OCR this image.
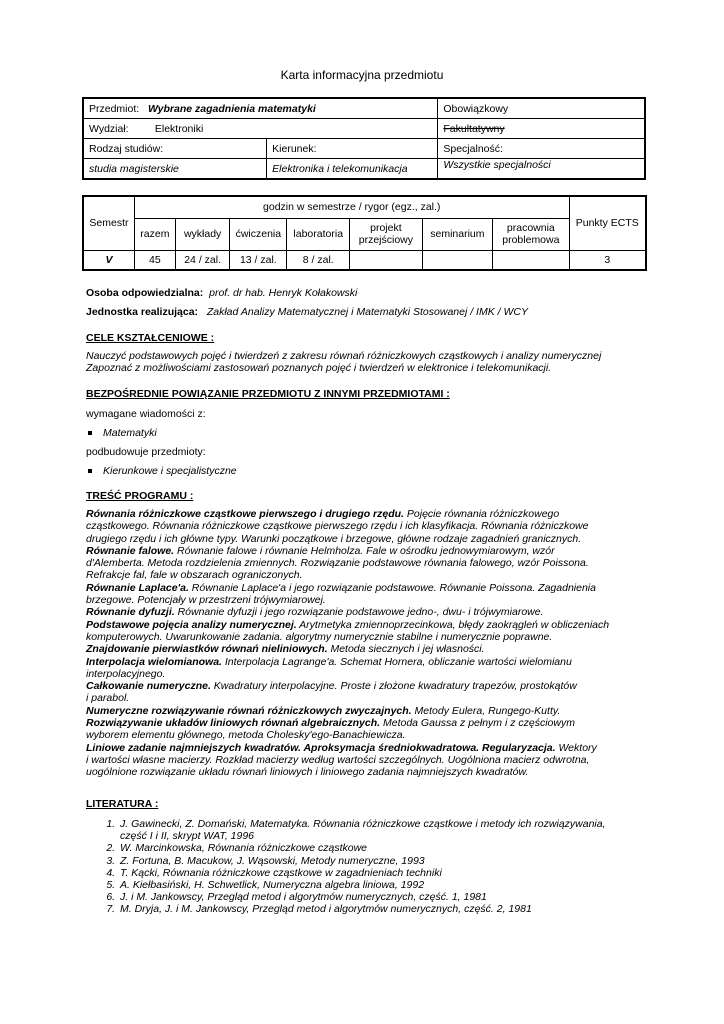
Karta informacyjna przedmiotu
Przedmiot: Wybrane zagadnienia matematyki		Obowiązkowy
Wydział: Elektroniki		Fakultatywny
Rodzaj studiów:	Kierunek:	Specjalność:
studia magisterskie	Elektronika i telekomunikacja	Wszystkie specjalności
Semestr	godzin w semestrze / rygor (egz., zal.)							Punkty ECTS
	razem	wykłady	ćwiczenia	laboratoria	projekt przejściowy	seminarium	pracownia problemowa	
V	45	24 / zal.	13 / zal.	8 / zal.				3
Osoba odpowiedzialna: prof. dr hab. Henryk Kołakowski
Jednostka realizująca: Zakład Analizy Matematycznej i Matematyki Stosowanej / IMK / WCY
CELE KSZTAŁCENIOWE :
Nauczyć podstawowych pojęć i twierdzeń z zakresu równań różniczkowych cząstkowych i analizy numerycznej
Zapoznać z możliwościami zastosowań poznanych pojęć i twierdzeń w elektronice i telekomunikacji.
BEZPOŚREDNIE POWIĄZANIE PRZEDMIOTU Z INNYMI PRZEDMIOTAMI :
wymagane wiadomości z:
Matematyki
podbudowuje przedmioty:
Kierunkowe i specjalistyczne
TREŚĆ PROGRAMU :
Równania różniczkowe cząstkowe pierwszego i drugiego rzędu. Pojęcie równania różniczkowego
cząstkowego. Równania różniczkowe cząstkowe pierwszego rzędu i ich klasyfikacja. Równania różniczkowe
drugiego rzędu i ich główne typy. Warunki początkowe i brzegowe, główne rodzaje zagadnień granicznych.
Równanie falowe. Równanie falowe i równanie Helmholza. Fale w ośrodku jednowymiarowym, wzór
d'Alemberta. Metoda rozdzielenia zmiennych. Rozwiązanie podstawowe równania falowego, wzór Poissona.
Refrakcje fal, fale w obszarach ograniczonych.
Równanie Laplace'a. Równanie Laplace'a i jego rozwiązanie podstawowe. Równanie Poissona. Zagadnienia
brzegowe. Potencjały w przestrzeni trójwymiarowej.
Równanie dyfuzji. Równanie dyfuzji i jego rozwiązanie podstawowe jedno-, dwu- i trójwymiarowe.
Podstawowe pojęcia analizy numerycznej. Arytmetyka zmiennoprzecinkowa, błędy zaokrągleń w obliczeniach
komputerowych. Uwarunkowanie zadania. algorytmy numerycznie stabilne i numerycznie poprawne.
Znajdowanie pierwiastków równań nieliniowych. Metoda siecznych i jej własności.
Interpolacja wielomianowa. Interpolacja Lagrange'a. Schemat Hornera, obliczanie wartości wielomianu
interpolacyjnego.
Całkowanie numeryczne. Kwadratury interpolacyjne. Proste i złożone kwadratury trapezów, prostokątów
i parabol.
Numeryczne rozwiązywanie równań różniczkowych zwyczajnych. Metody Eulera, Rungego-Kutty.
Rozwiązywanie układów liniowych równań algebraicznych. Metoda Gaussa z pełnym i z częściowym
wyborem elementu głównego, metoda Cholesky'ego-Banachiewicza.
Liniowe zadanie najmniejszych kwadratów. Aproksymacja średniokwadratowa. Regularyzacja. Wektory
i wartości własne macierzy. Rozkład macierzy według wartości szczególnych. Uogólniona macierz odwrotna,
uogólnione rozwiązanie układu równań liniowych i liniowego zadania najmniejszych kwadratów.
LITERATURA :
1. J. Gawinecki, Z. Domański, Matematyka. Równania różniczkowe cząstkowe i metody ich rozwiązywania,
część I i II, skrypt WAT, 1996
2. W. Marcinkowska, Równania różniczkowe cząstkowe
3. Z. Fortuna, B. Macukow, J. Wąsowski, Metody numeryczne, 1993
4. T. Kącki, Równania różniczkowe cząstkowe w zagadnieniach techniki
5. A. Kiełbasiński, H. Schwetlick, Numeryczna algebra liniowa, 1992
6. J. i M. Jankowscy, Przegląd metod i algorytmów numerycznych, część. 1, 1981
7. M. Dryja, J. i M. Jankowscy, Przegląd metod i algorytmów numerycznych, część. 2, 1981
